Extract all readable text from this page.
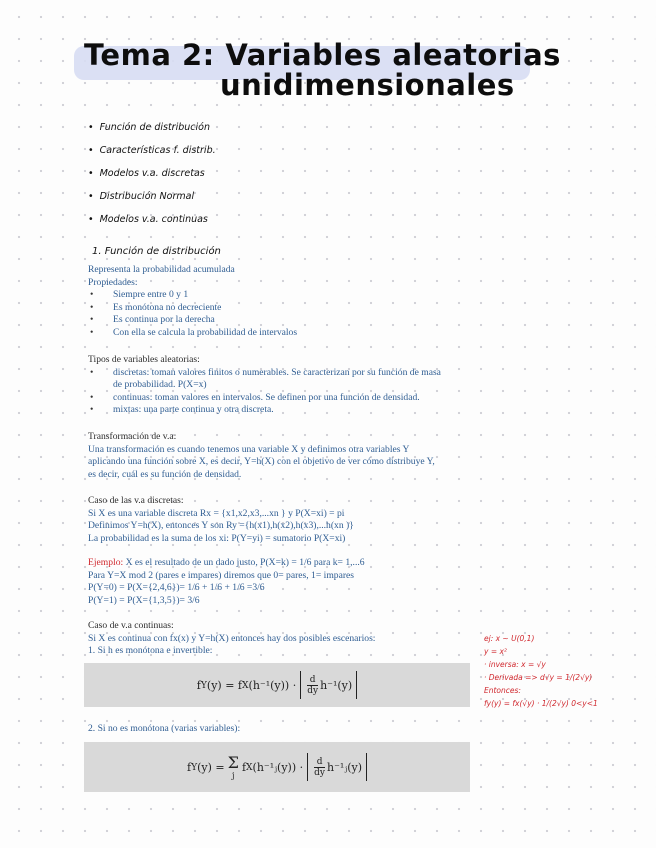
Tema 2: Variables aleatorias
unidimensionales
• Función de distribución
• Características f. distrib.
• Modelos v.a. discretas
• Distribución Normal
• Modelos v.a. continuas
1. Función de distribución
Representa la probabilidad acumulada
Propiedades:
• Siempre entre 0 y 1
• Es monótona no decreciente
• Es continua por la derecha
• Con ella se calcula la probabilidad de intervalos
Tipos de variables aleatorias:
• discretas: toman valores finitos o numerables. Se caracterizan por su función de masa
de probabilidad. P(X=x)
• continuas: toman valores en intervalos. Se definen por una función de densidad.
• mixtas: una parte continua y otra discreta.
Transformación de v.a:
Una transformación es cuando tenemos una variable X y definimos otra variables Y
aplicando una función sobre X, es decir, Y=h(X) con el objetivo de ver cómo distribuye Y,
es decir, cuál es su función de densidad.
Caso de las v.a discretas:
Si X es una variable discreta Rx = {x1,x2,x3,...xn } y P(X=xi) = pi
Definimos Y=h(X), entonces Y son Ry ={h(x1),h(x2),h(x3),...h(xn )}
La probabilidad es la suma de los xi: P(Y=yi) = sumatorio P(X=xi)
Ejemplo: X es el resultado de un dado justo, P(X=k) = 1/6 para k= 1,...6
Para Y=X mod 2 (pares e impares) diremos que 0= pares, 1= impares
P(Y=0) = P(X={2,4,6})= 1/6 + 1/6 + 1/6 =3/6
P(Y=1) = P(X={1,3,5})= 3/6
Caso de v.a continuas:
Si X es continua con fx(x) y Y=h(X) entonces hay dos posibles escenarios:
1. Si h es monótona e invertible:
f Y (y) = f X $(h^{-1}(y)) \cdot \frac{d}{dy} h^{-1}(y)$
2. Si no es monótona (varias variables):
f Y (y) = Σ
j
f X (h⁻¹ⱼ(y)) · $\frac{d}{dy}$ h⁻¹ⱼ(y)
ej: x ~ U(0,1)
y = x²
· inversa: x = √y
· Derivada => d√y = 1/(2√y)
Entonces:
fy(y) = fx(√y) · 1/(2√y) 0<y<1
